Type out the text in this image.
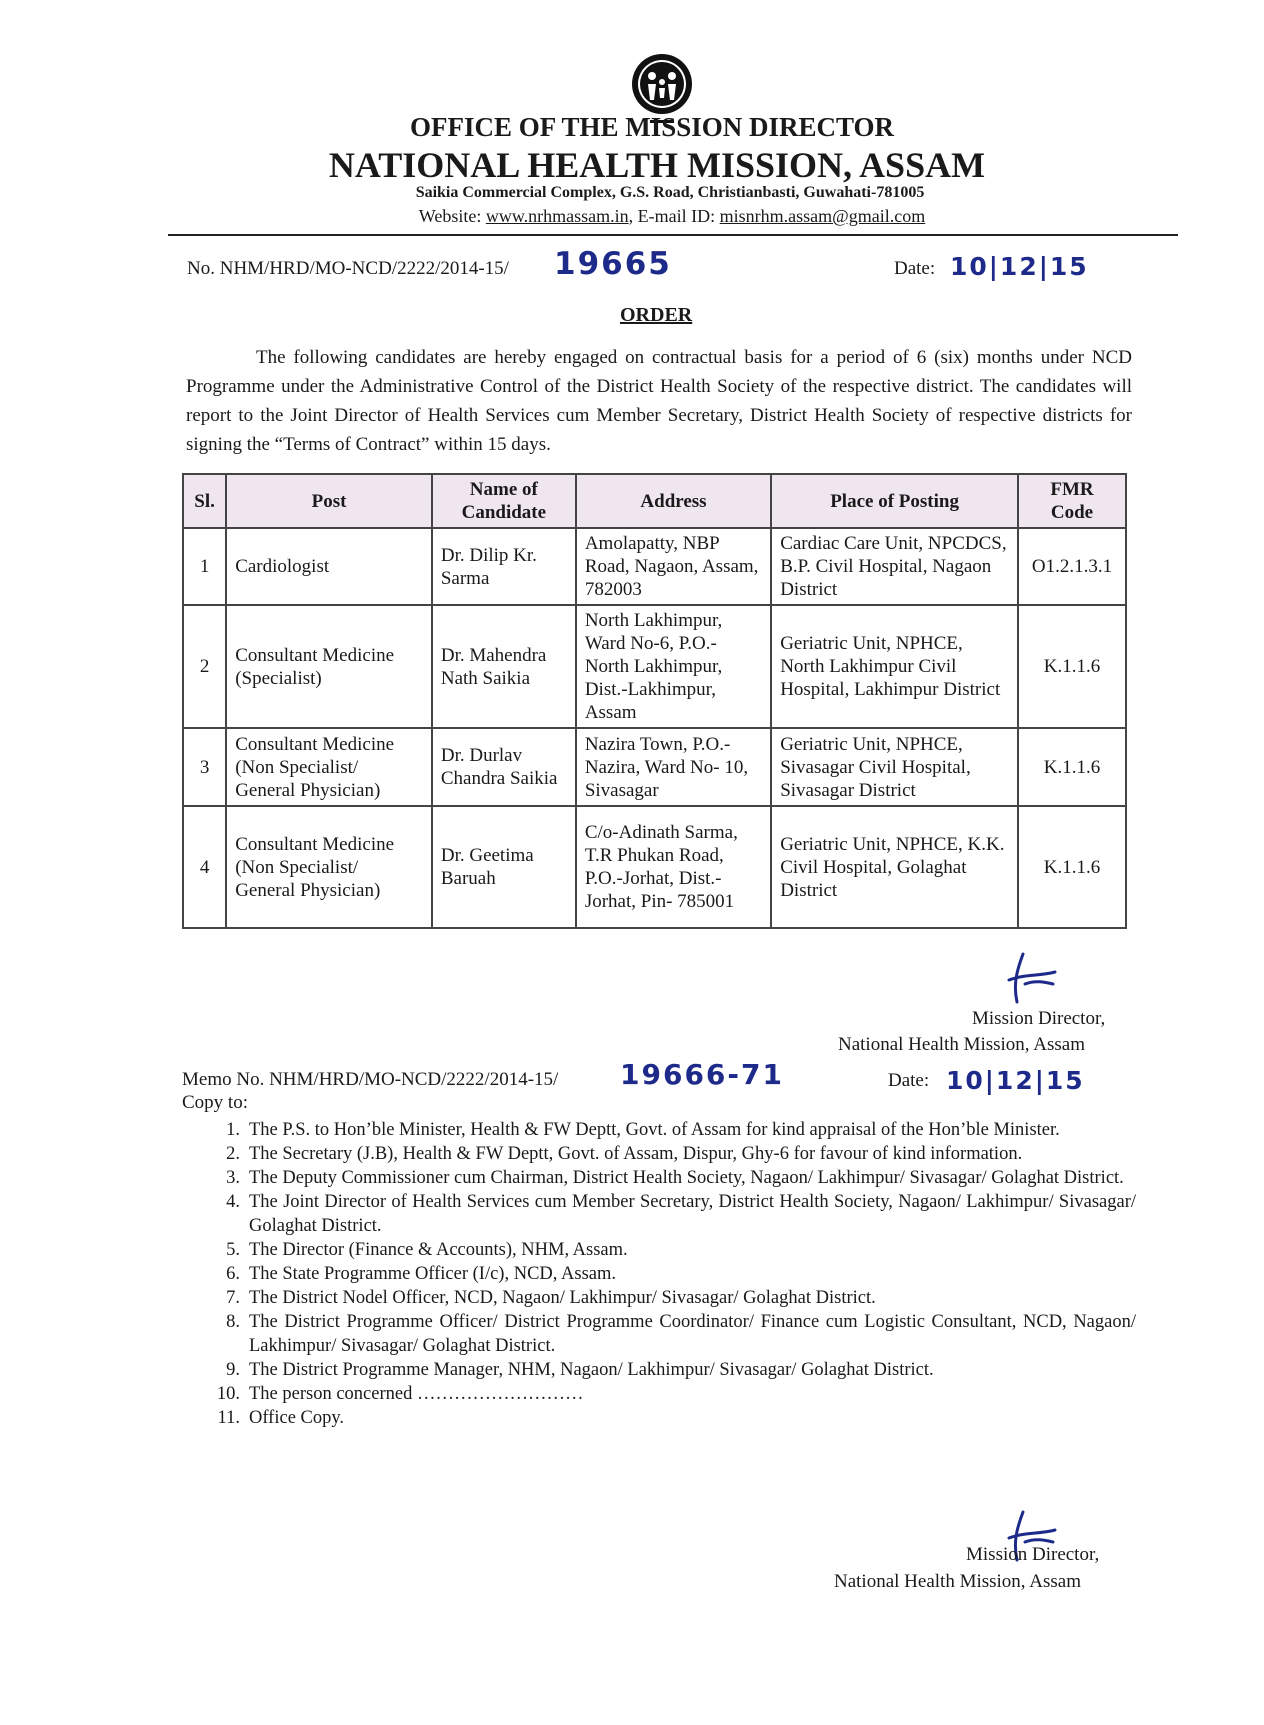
OFFICE OF THE MISSION DIRECTOR
NATIONAL HEALTH MISSION, ASSAM
Saikia Commercial Complex, G.S. Road, Christianbasti, Guwahati-781005
Website: www.nrhmassam.in, E-mail ID: misnrhm.assam@gmail.com
No. NHM/HRD/MO-NCD/2222/2014-15/ 19665	Date: 10|12|15
ORDER
The following candidates are hereby engaged on contractual basis for a period of 6 (six) months under NCD Programme under the Administrative Control of the District Health Society of the respective district. The candidates will report to the Joint Director of Health Services cum Member Secretary, District Health Society of respective districts for signing the “Terms of Contract” within 15 days.
Sl.	Post	Name of Candidate	Address	Place of Posting	FMR Code
1	Cardiologist	Dr. Dilip Kr. Sarma	Amolapatty, NBP Road, Nagaon, Assam, 782003	Cardiac Care Unit, NPCDCS, B.P. Civil Hospital, Nagaon District	O1.2.1.3.1
2	Consultant Medicine (Specialist)	Dr. Mahendra Nath Saikia	North Lakhimpur, Ward No-6, P.O.- North Lakhimpur, Dist.-Lakhimpur, Assam	Geriatric Unit, NPHCE, North Lakhimpur Civil Hospital, Lakhimpur District	K.1.1.6
3	Consultant Medicine (Non Specialist/ General Physician)	Dr. Durlav Chandra Saikia	Nazira Town, P.O.- Nazira, Ward No- 10, Sivasagar	Geriatric Unit, NPHCE, Sivasagar Civil Hospital, Sivasagar District	K.1.1.6
4	Consultant Medicine (Non Specialist/ General Physician)	Dr. Geetima Baruah	C/o-Adinath Sarma, T.R Phukan Road, P.O.-Jorhat, Dist.-Jorhat, Pin- 785001	Geriatric Unit, NPHCE, K.K. Civil Hospital, Golaghat District	K.1.1.6
Mission Director,
National Health Mission, Assam
Memo No. NHM/HRD/MO-NCD/2222/2014-15/ 19666-71	Date: 10|12|15
Copy to:
1. The P.S. to Hon’ble Minister, Health & FW Deptt, Govt. of Assam for kind appraisal of the Hon’ble Minister.
2. The Secretary (J.B), Health & FW Deptt, Govt. of Assam, Dispur, Ghy-6 for favour of kind information.
3. The Deputy Commissioner cum Chairman, District Health Society, Nagaon/ Lakhimpur/ Sivasagar/ Golaghat District.
4. The Joint Director of Health Services cum Member Secretary, District Health Society, Nagaon/ Lakhimpur/ Sivasagar/ Golaghat District.
5. The Director (Finance & Accounts), NHM, Assam.
6. The State Programme Officer (I/c), NCD, Assam.
7. The District Nodel Officer, NCD, Nagaon/ Lakhimpur/ Sivasagar/ Golaghat District.
8. The District Programme Officer/ District Programme Coordinator/ Finance cum Logistic Consultant, NCD, Nagaon/ Lakhimpur/ Sivasagar/ Golaghat District.
9. The District Programme Manager, NHM, Nagaon/ Lakhimpur/ Sivasagar/ Golaghat District.
10. The person concerned ………………………
11. Office Copy.
Mission Director,
National Health Mission, Assam
